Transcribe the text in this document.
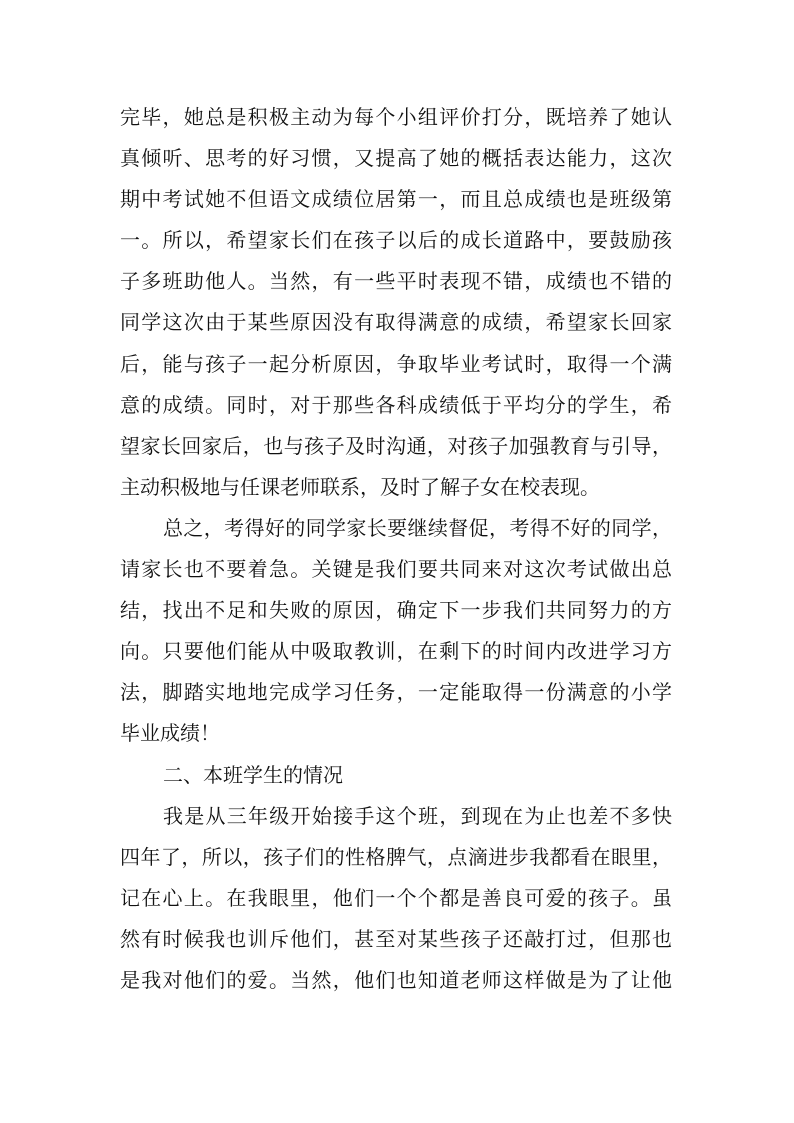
完毕，她总是积极主动为每个小组评价打分，既培养了她认
真倾听、思考的好习惯，又提高了她的概括表达能力，这次
期中考试她不但语文成绩位居第一，而且总成绩也是班级第
一。所以，希望家长们在孩子以后的成长道路中，要鼓励孩
子多班助他人。当然，有一些平时表现不错，成绩也不错的
同学这次由于某些原因没有取得满意的成绩，希望家长回家
后，能与孩子一起分析原因，争取毕业考试时，取得一个满
意的成绩。同时，对于那些各科成绩低于平均分的学生，希
望家长回家后，也与孩子及时沟通，对孩子加强教育与引导，
主动积极地与任课老师联系，及时了解子女在校表现。
总之，考得好的同学家长要继续督促，考得不好的同学，
请家长也不要着急。关键是我们要共同来对这次考试做出总
结，找出不足和失败的原因，确定下一步我们共同努力的方
向。只要他们能从中吸取教训，在剩下的时间内改进学习方
法，脚踏实地地完成学习任务，一定能取得一份满意的小学
毕业成绩！
二、本班学生的情况
我是从三年级开始接手这个班，到现在为止也差不多快
四年了，所以，孩子们的性格脾气，点滴进步我都看在眼里，
记在心上。在我眼里，他们一个个都是善良可爱的孩子。虽
然有时候我也训斥他们，甚至对某些孩子还敲打过，但那也
是我对他们的爱。当然，他们也知道老师这样做是为了让他
